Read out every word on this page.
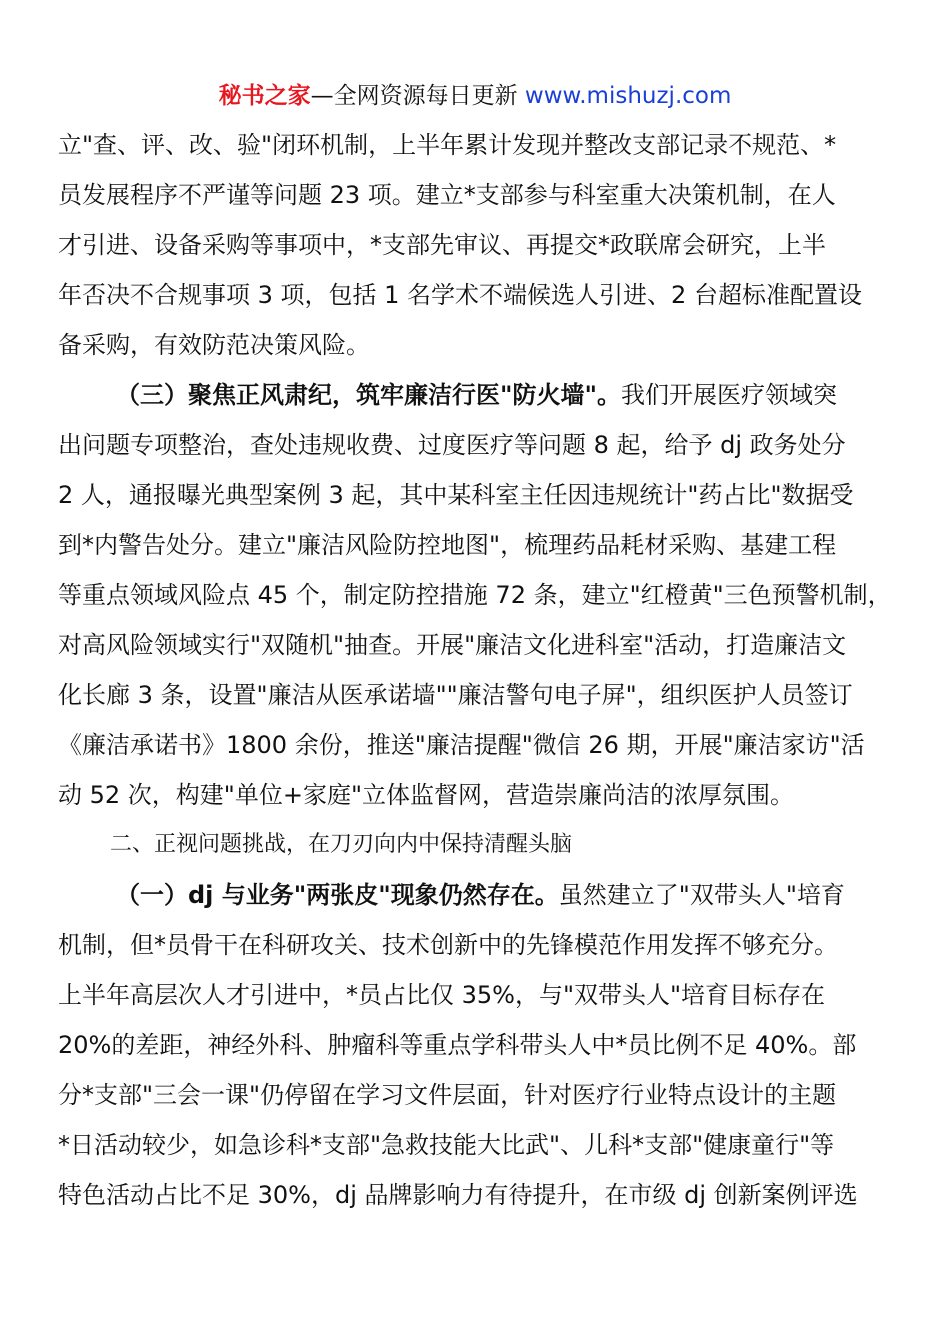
秘书之家—全网资源每日更新 www.mishuzj.com
立"查、评、改、验"闭环机制，上半年累计发现并整改支部记录不规范、*
员发展程序不严谨等问题 23 项。建立*支部参与科室重大决策机制，在人
才引进、设备采购等事项中，*支部先审议、再提交*政联席会研究，上半
年否决不合规事项 3 项，包括 1 名学术不端候选人引进、2 台超标准配置设
备采购，有效防范决策风险。
（三）聚焦正风肃纪，筑牢廉洁行医"防火墙"。我们开展医疗领域突
出问题专项整治，查处违规收费、过度医疗等问题 8 起，给予 dj 政务处分
2 人，通报曝光典型案例 3 起，其中某科室主任因违规统计"药占比"数据受
到*内警告处分。建立"廉洁风险防控地图"，梳理药品耗材采购、基建工程
等重点领域风险点 45 个，制定防控措施 72 条，建立"红橙黄"三色预警机制，
对高风险领域实行"双随机"抽查。开展"廉洁文化进科室"活动，打造廉洁文
化长廊 3 条，设置"廉洁从医承诺墙""廉洁警句电子屏"，组织医护人员签订
《廉洁承诺书》1800 余份，推送"廉洁提醒"微信 26 期，开展"廉洁家访"活
动 52 次，构建"单位+家庭"立体监督网，营造崇廉尚洁的浓厚氛围。
二、正视问题挑战，在刀刃向内中保持清醒头脑
（一）dj 与业务"两张皮"现象仍然存在。虽然建立了"双带头人"培育
机制，但*员骨干在科研攻关、技术创新中的先锋模范作用发挥不够充分。
上半年高层次人才引进中，*员占比仅 35%，与"双带头人"培育目标存在
20%的差距，神经外科、肿瘤科等重点学科带头人中*员比例不足 40%。部
分*支部"三会一课"仍停留在学习文件层面，针对医疗行业特点设计的主题
*日活动较少，如急诊科*支部"急救技能大比武"、儿科*支部"健康童行"等
特色活动占比不足 30%，dj 品牌影响力有待提升，在市级 dj 创新案例评选
